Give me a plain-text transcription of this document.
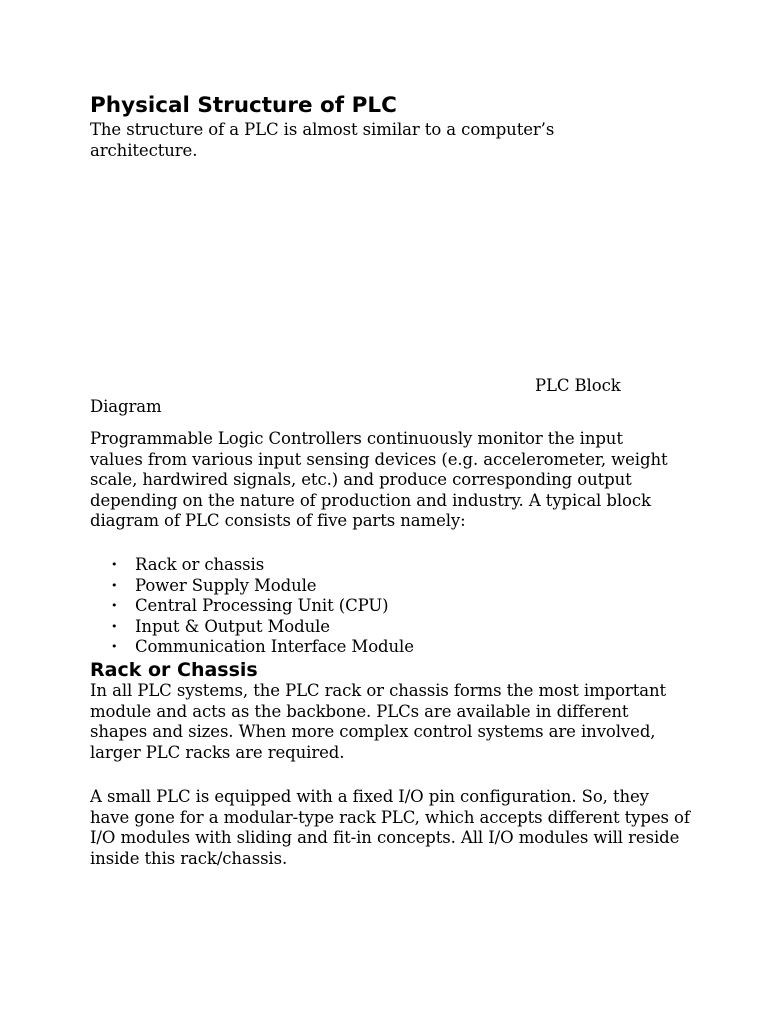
Physical Structure of PLC

The structure of a PLC is almost similar to a computer’s architecture.

PLC Block
Diagram

Programmable Logic Controllers continuously monitor the input values from various input sensing devices (e.g. accelerometer, weight scale, hardwired signals, etc.) and produce corresponding output depending on the nature of production and industry. A typical block diagram of PLC consists of five parts namely:

• Rack or chassis
• Power Supply Module
• Central Processing Unit (CPU)
• Input & Output Module
• Communication Interface Module
Rack or Chassis

In all PLC systems, the PLC rack or chassis forms the most important module and acts as the backbone. PLCs are available in different shapes and sizes. When more complex control systems are involved, larger PLC racks are required.

A small PLC is equipped with a fixed I/O pin configuration. So, they have gone for a modular-type rack PLC, which accepts different types of I/O modules with sliding and fit-in concepts. All I/O modules will reside inside this rack/chassis.
